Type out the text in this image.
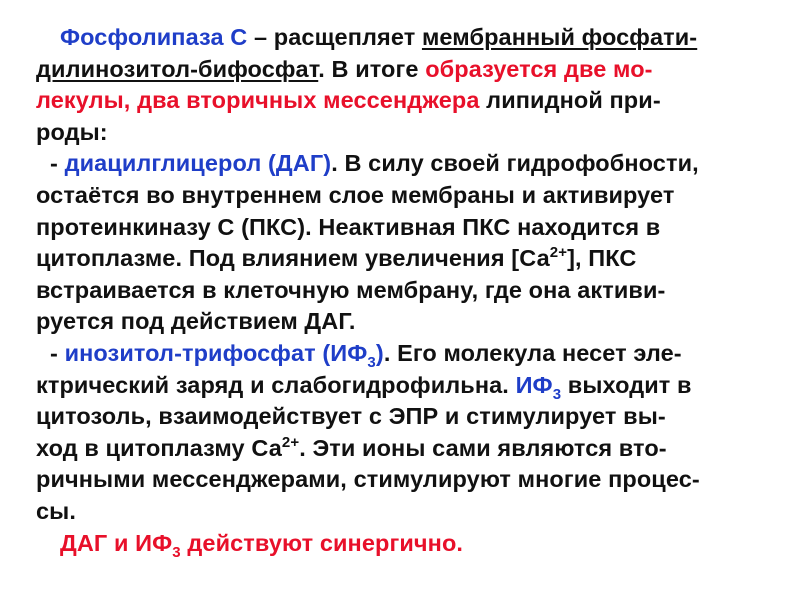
Фосфолипаза С – расщепляет мембранный фосфати-
дилинозитол-бифосфат. В итоге образуется две мо-
лекулы, два вторичных мессенджера липидной при-
роды:
- диацилглицерол (ДАГ). В силу своей гидрофобности,
остаётся во внутреннем слое мембраны и активирует
протеинкиназу С (ПКС). Неактивная ПКС находится в
цитоплазме. Под влиянием увеличения $[Са^{2+}]$, ПКС
встраивается в клеточную мембрану, где она активи-
руется под действием ДАГ.
- инозитол-трифосфат $(ИФ_3)$. Его молекула несет эле-
ктрический заряд и слабогидрофильна. $ИФ_3$ выходит в
цитозоль, взаимодействует с ЭПР и стимулирует вы-
ход в цитоплазму $Са^{2+}$. Эти ионы сами являются вто-
ричными мессенджерами, стимулируют многие процес-
сы.
ДАГ и $ИФ_3$ действуют синергично.
